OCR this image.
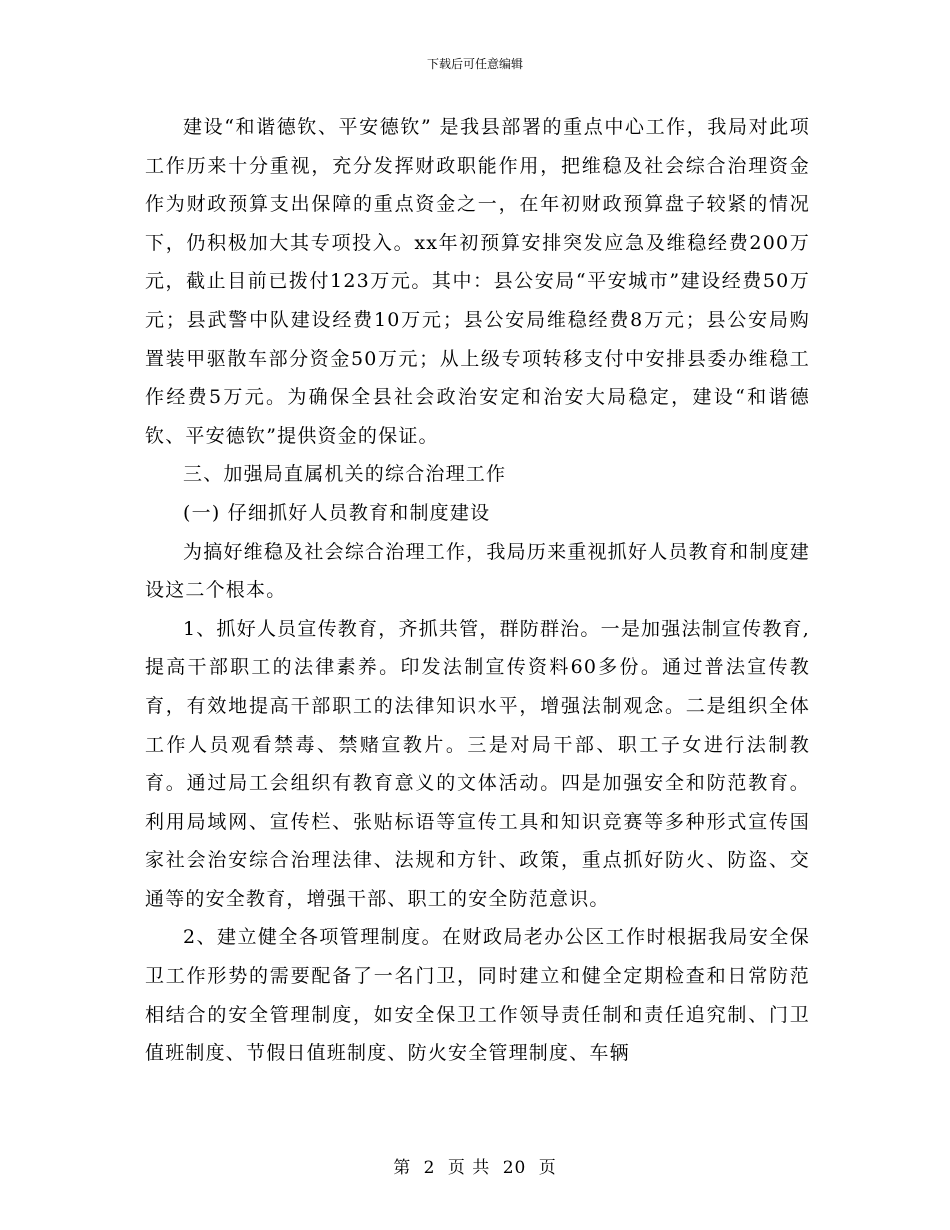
下载后可任意编辑

建设“和谐德钦、平安德钦” 是我县部署的重点中心工作，我局对此项工作历来十分重视，充分发挥财政职能作用，把维稳及社会综合治理资金作为财政预算支出保障的重点资金之一，在年初财政预算盘子较紧的情况下，仍积极加大其专项投入。xx年初预算安排突发应急及维稳经费200万元，截止目前已拨付123万元。其中：县公安局“平安城市”建设经费50万元；县武警中队建设经费10万元；县公安局维稳经费8万元；县公安局购置装甲驱散车部分资金50万元；从上级专项转移支付中安排县委办维稳工作经费5万元。为确保全县社会政治安定和治安大局稳定，建设“和谐德钦、平安德钦”提供资金的保证。

三、加强局直属机关的综合治理工作

(一) 仔细抓好人员教育和制度建设

为搞好维稳及社会综合治理工作，我局历来重视抓好人员教育和制度建设这二个根本。

1、抓好人员宣传教育，齐抓共管，群防群治。一是加强法制宣传教育,提高干部职工的法律素养。印发法制宣传资料60多份。通过普法宣传教育，有效地提高干部职工的法律知识水平，增强法制观念。二是组织全体工作人员观看禁毒、禁赌宣教片。三是对局干部、职工子女进行法制教育。通过局工会组织有教育意义的文体活动。四是加强安全和防范教育。利用局域网、宣传栏、张贴标语等宣传工具和知识竞赛等多种形式宣传国家社会治安综合治理法律、法规和方针、政策，重点抓好防火、防盗、交通等的安全教育，增强干部、职工的安全防范意识。

2、建立健全各项管理制度。在财政局老办公区工作时根据我局安全保卫工作形势的需要配备了一名门卫，同时建立和健全定期检查和日常防范相结合的安全管理制度，如安全保卫工作领导责任制和责任追究制、门卫值班制度、节假日值班制度、防火安全管理制度、车辆

第 2 页 共 20 页
